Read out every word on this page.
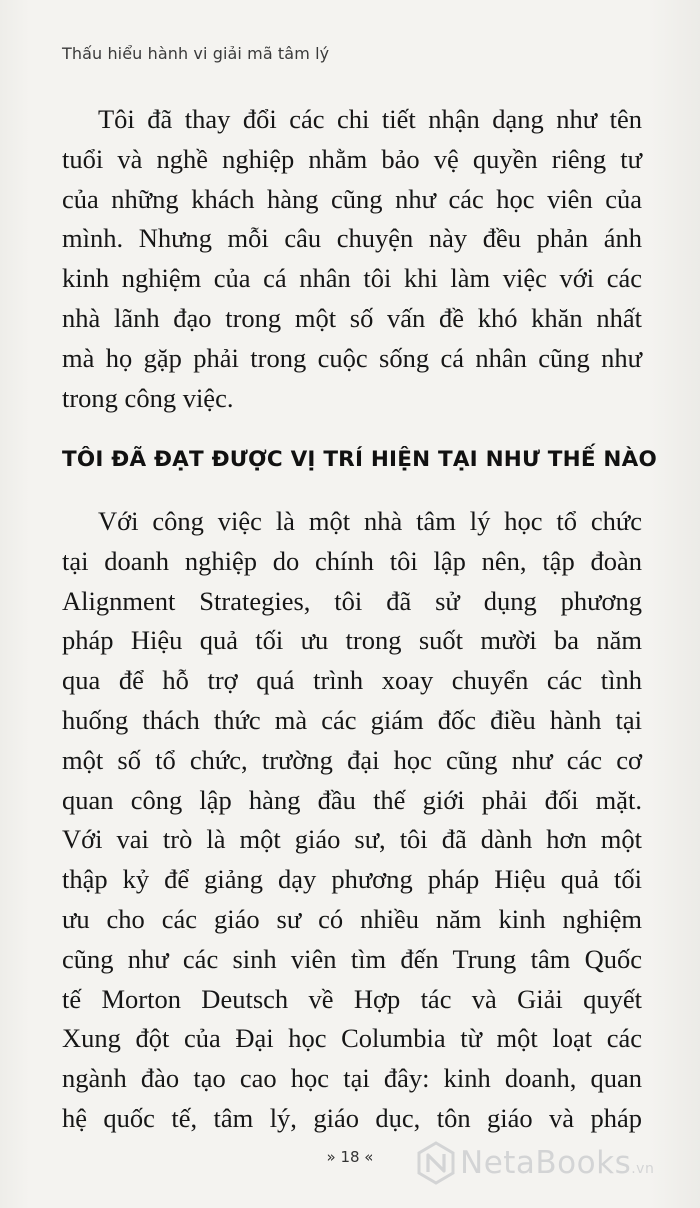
Thấu hiểu hành vi giải mã tâm lý
Tôi đã thay đổi các chi tiết nhận dạng như tên
tuổi và nghề nghiệp nhằm bảo vệ quyền riêng tư
của những khách hàng cũng như các học viên của
mình. Nhưng mỗi câu chuyện này đều phản ánh
kinh nghiệm của cá nhân tôi khi làm việc với các
nhà lãnh đạo trong một số vấn đề khó khăn nhất
mà họ gặp phải trong cuộc sống cá nhân cũng như
trong công việc.
TÔI ĐÃ ĐẠT ĐƯỢC VỊ TRÍ HIỆN TẠI NHƯ THẾ NÀO
Với công việc là một nhà tâm lý học tổ chức
tại doanh nghiệp do chính tôi lập nên, tập đoàn
Alignment Strategies, tôi đã sử dụng phương
pháp Hiệu quả tối ưu trong suốt mười ba năm
qua để hỗ trợ quá trình xoay chuyển các tình
huống thách thức mà các giám đốc điều hành tại
một số tổ chức, trường đại học cũng như các cơ
quan công lập hàng đầu thế giới phải đối mặt.
Với vai trò là một giáo sư, tôi đã dành hơn một
thập kỷ để giảng dạy phương pháp Hiệu quả tối
ưu cho các giáo sư có nhiều năm kinh nghiệm
cũng như các sinh viên tìm đến Trung tâm Quốc
tế Morton Deutsch về Hợp tác và Giải quyết
Xung đột của Đại học Columbia từ một loạt các
ngành đào tạo cao học tại đây: kinh doanh, quan
hệ quốc tế, tâm lý, giáo dục, tôn giáo và pháp
» 18 «	NetaBooks.vn
